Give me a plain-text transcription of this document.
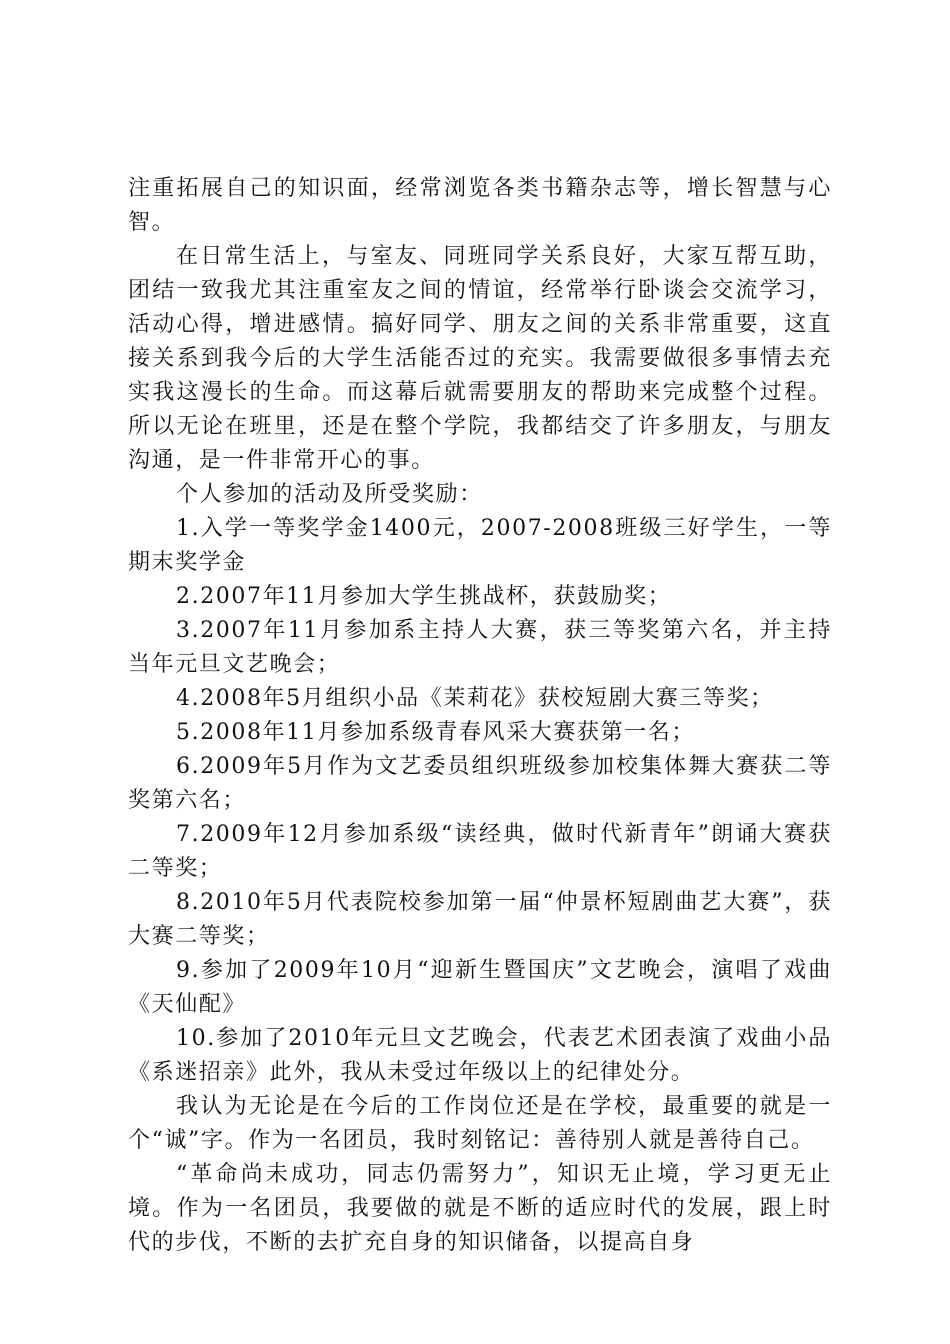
注重拓展自己的知识面，经常浏览各类书籍杂志等，增长智慧与心智。

在日常生活上，与室友、同班同学关系良好，大家互帮互助，团结一致我尤其注重室友之间的情谊，经常举行卧谈会交流学习，活动心得，增进感情。搞好同学、朋友之间的关系非常重要，这直接关系到我今后的大学生活能否过的充实。我需要做很多事情去充实我这漫长的生命。而这幕后就需要朋友的帮助来完成整个过程。所以无论在班里，还是在整个学院，我都结交了许多朋友，与朋友沟通，是一件非常开心的事。

个人参加的活动及所受奖励：

1.入学一等奖学金1400元，2007-2008班级三好学生，一等期末奖学金

2.2007年11月参加大学生挑战杯，获鼓励奖；

3.2007年11月参加系主持人大赛，获三等奖第六名，并主持当年元旦文艺晚会；

4.2008年5月组织小品《茉莉花》获校短剧大赛三等奖；

5.2008年11月参加系级青春风采大赛获第一名；

6.2009年5月作为文艺委员组织班级参加校集体舞大赛获二等奖第六名；

7.2009年12月参加系级“读经典，做时代新青年”朗诵大赛获二等奖；

8.2010年5月代表院校参加第一届“仲景杯短剧曲艺大赛”，获大赛二等奖；

9.参加了2009年10月“迎新生暨国庆”文艺晚会，演唱了戏曲《天仙配》

10.参加了2010年元旦文艺晚会，代表艺术团表演了戏曲小品《系迷招亲》此外，我从未受过年级以上的纪律处分。

我认为无论是在今后的工作岗位还是在学校，最重要的就是一个“诚”字。作为一名团员，我时刻铭记：善待别人就是善待自己。

“革命尚未成功，同志仍需努力”，知识无止境，学习更无止境。作为一名团员，我要做的就是不断的适应时代的发展，跟上时代的步伐，不断的去扩充自身的知识储备，以提高自身
